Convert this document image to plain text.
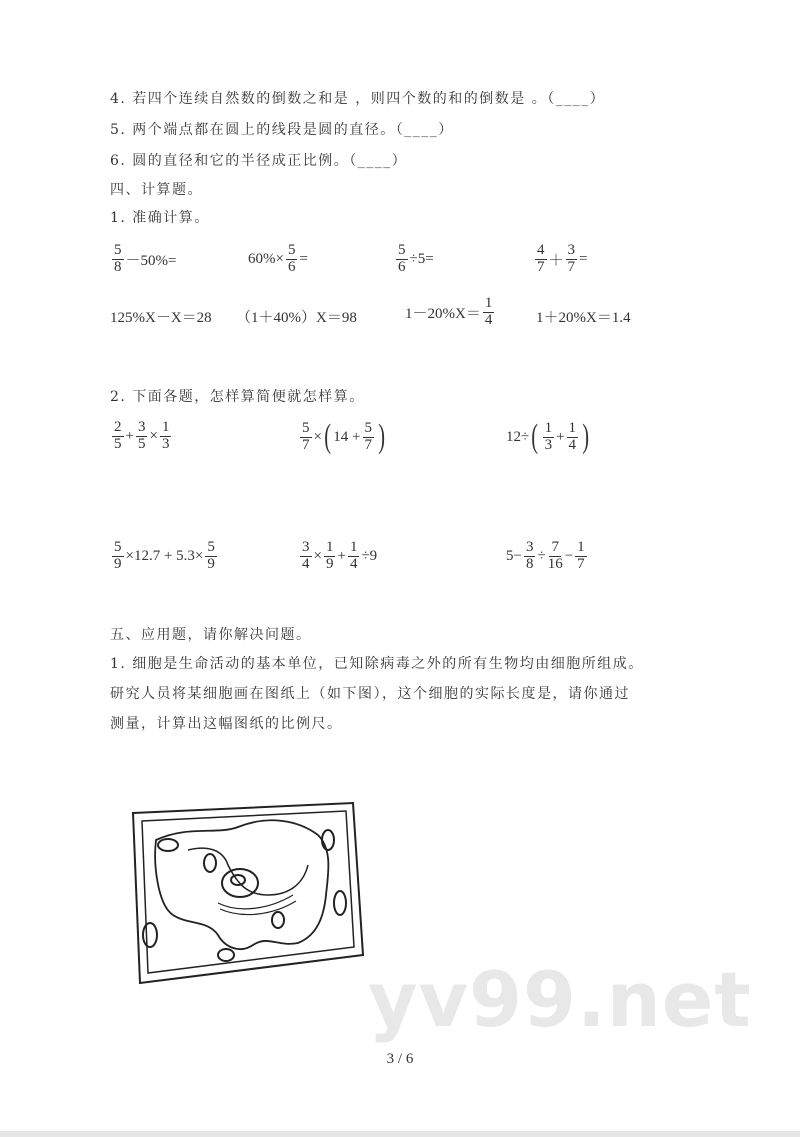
4. 若四个连续自然数的倒数之和是 ，则四个数的和的倒数是 。（____）
5. 两个端点都在圆上的线段是圆的直径。（____）
6. 圆的直径和它的半径成正比例。（____）
四、计算题。
1. 准确计算。
$\frac{5}{8} -50\%=$	$60\%\times \frac{5}{6}$ =	$\frac{5}{6} \div 5=$	$\frac{4}{7} + \frac{3}{7}$ =
125%X－X＝28 （1＋40%）X＝98	$1-20\%X= \frac{1}{4}$	1＋20%X＝1.4
2. 下面各题，怎样算简便就怎样算。
$\frac{2}{5} + \frac{3}{5} \times \frac{1}{3}$	$\frac{5}{7}$ × ( $14 + \frac{5}{7}$ )	12÷ ( $\frac{1}{3} + \frac{1}{4}$ )
$\frac{5}{9} \times 12.7 + 5.3\times \frac{5}{9}$	$\frac{3}{4} \times \frac{1}{9} + \frac{1}{4} \div 9$	$5- \frac{3}{8} \div \frac{7}{16} - \frac{1}{7}$
五、应用题，请你解决问题。
1. 细胞是生命活动的基本单位，已知除病毒之外的所有生物均由细胞所组成。
研究人员将某细胞画在图纸上（如下图），这个细胞的实际长度是，请你通过
测量，计算出这幅图纸的比例尺。
yv99.net
3 / 6
